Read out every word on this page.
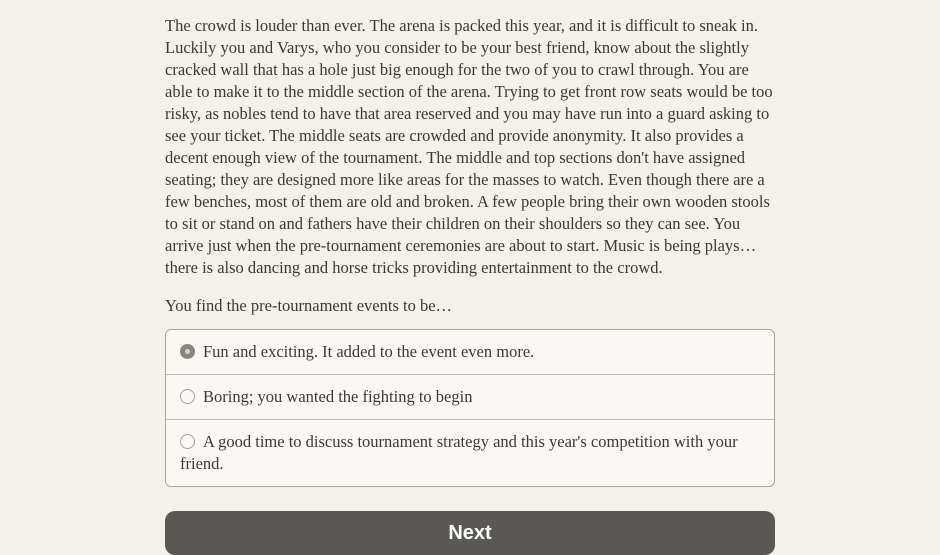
The crowd is louder than ever. The arena is packed this year, and it is difficult to sneak in. Luckily you and Varys, who you consider to be your best friend, know about the slightly cracked wall that has a hole just big enough for the two of you to crawl through. You are able to make it to the middle section of the arena. Trying to get front row seats would be too risky, as nobles tend to have that area reserved and you may have run into a guard asking to see your ticket. The middle seats are crowded and provide anonymity. It also provides a decent enough view of the tournament. The middle and top sections don't have assigned seating; they are designed more like areas for the masses to watch. Even though there are a few benches, most of them are old and broken. A few people bring their own wooden stools to sit or stand on and fathers have their children on their shoulders so they can see. You arrive just when the pre-tournament ceremonies are about to start. Music is being plays…there is also dancing and horse tricks providing entertainment to the crowd.

You find the pre-tournament events to be…

Fun and exciting. It added to the event even more.
Boring; you wanted the fighting to begin
A good time to discuss tournament strategy and this year's competition with your friend.
Next
